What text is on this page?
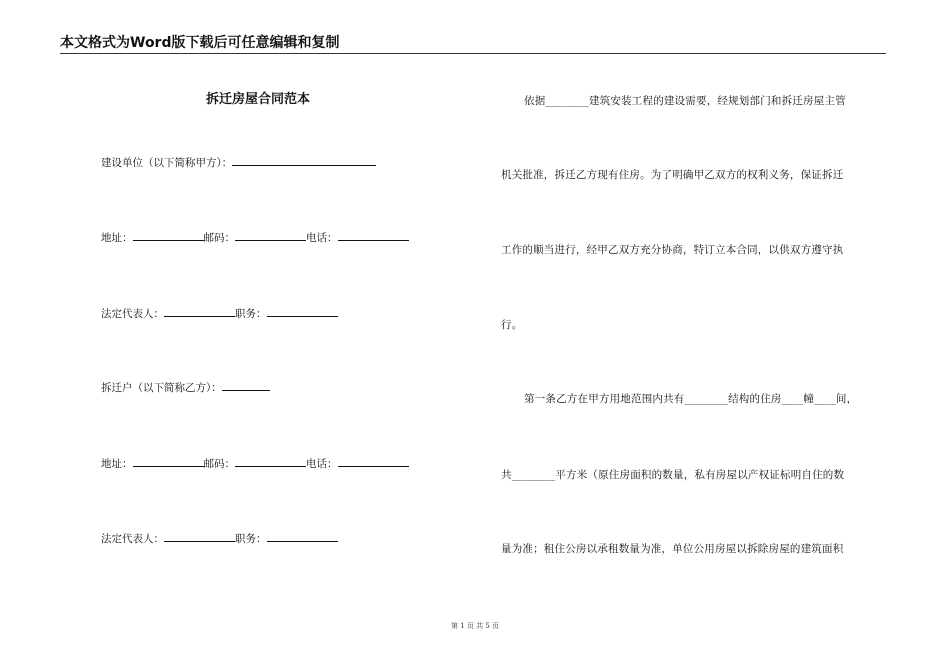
本文格式为Word版下载后可任意编辑和复制
拆迁房屋合同范本
建设单位（以下简称甲方）：
地址：	邮码：	电话：
法定代表人：	职务：
拆迁户（以下简称乙方）：
地址：	邮码：	电话：
法定代表人：	职务：
依据________建筑安装工程的建设需要，经规划部门和拆迁房屋主管
机关批准，拆迁乙方现有住房。为了明确甲乙双方的权利义务，保证拆迁
工作的顺当进行，经甲乙双方充分协商，特订立本合同，以供双方遵守执
行。
第一条乙方在甲方用地范围内共有________结构的住房____幢____间，
共________平方米（原住房面积的数量，私有房屋以产权证标明自住的数
量为准；租住公房以承租数量为准，单位公用房屋以拆除房屋的建筑面积
第 1 页 共 5 页
